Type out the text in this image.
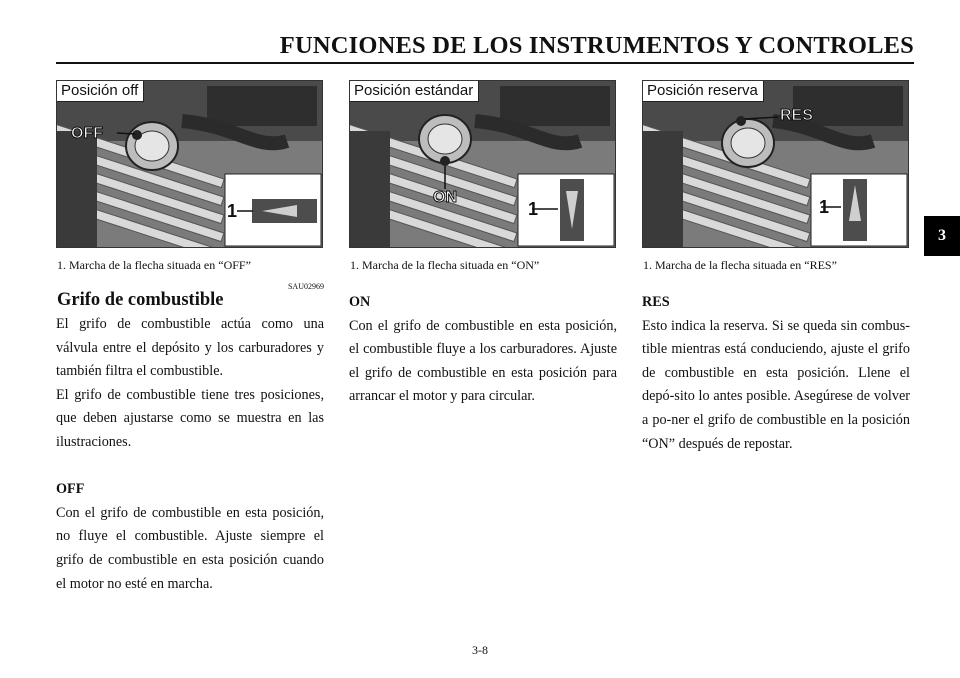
FUNCIONES DE LOS INSTRUMENTOS Y CONTROLES
3
OFF
1
Posición off
1. Marcha de la flecha situada en “OFF”
ON
1
Posición estándar
1. Marcha de la flecha situada en “ON”
RES
1
Posición reserva
1. Marcha de la flecha situada en “RES”
SAU02969
Grifo de combustible

El grifo de combustible actúa como una válvula entre el depósito y los carburadores y también filtra el combustible.

El grifo de combustible tiene tres posiciones, que deben ajustarse como se muestra en las ilustraciones.

OFF

Con el grifo de combustible en esta posición, no fluye el combustible. Ajuste siempre el grifo de combustible en esta posición cuando el motor no esté en marcha.

ON

Con el grifo de combustible en esta posición, el combustible fluye a los carburadores. Ajuste el grifo de combustible en esta posición para arrancar el motor y para circular.

RES

Esto indica la reserva. Si se queda sin combus-tible mientras está conduciendo, ajuste el grifo de combustible en esta posición. Llene el depó-sito lo antes posible. Asegúrese de volver a po-ner el grifo de combustible en la posición “ON” después de repostar.

3-8
